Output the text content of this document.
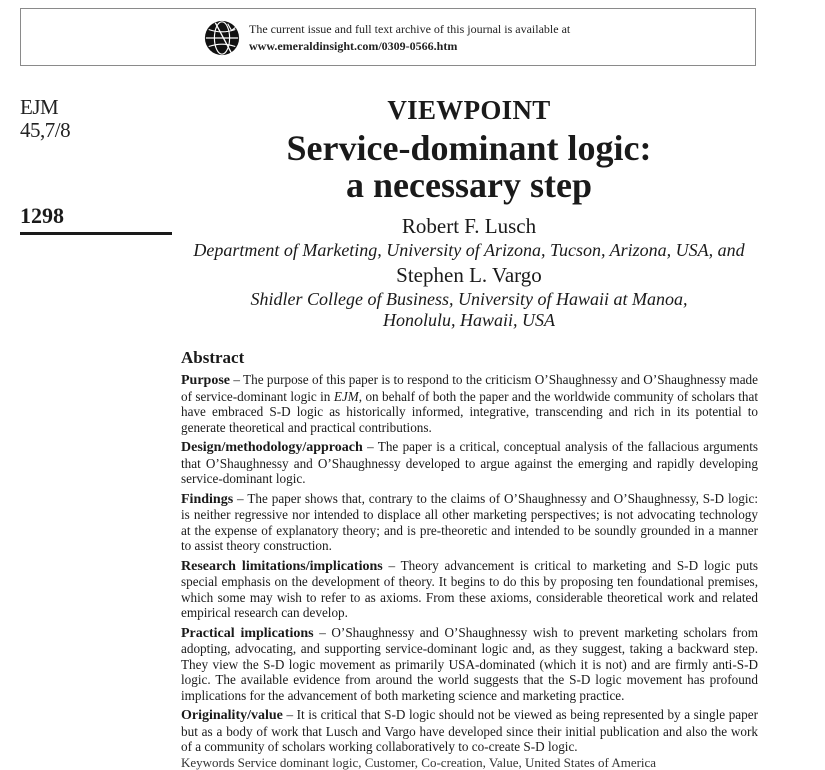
The current issue and full text archive of this journal is available at
www.emeraldinsight.com/0309-0566.htm
EJM
45,7/8
1298
VIEWPOINT
Service-dominant logic:
a necessary step
Robert F. Lusch
Department of Marketing, University of Arizona, Tucson, Arizona, USA, and
Stephen L. Vargo
Shidler College of Business, University of Hawaii at Manoa,
Honolulu, Hawaii, USA
Abstract
Purpose – The purpose of this paper is to respond to the criticism O’Shaughnessy and O’Shaughnessy made of service-dominant logic in EJM, on behalf of both the paper and the worldwide community of scholars that have embraced S-D logic as historically informed, integrative, transcending and rich in its potential to generate theoretical and practical contributions.
Design/methodology/approach – The paper is a critical, conceptual analysis of the fallacious arguments that O’Shaughnessy and O’Shaughnessy developed to argue against the emerging and rapidly developing service-dominant logic.
Findings – The paper shows that, contrary to the claims of O’Shaughnessy and O’Shaughnessy, S-D logic: is neither regressive nor intended to displace all other marketing perspectives; is not advocating technology at the expense of explanatory theory; and is pre-theoretic and intended to be soundly grounded in a manner to assist theory construction.
Research limitations/implications – Theory advancement is critical to marketing and S-D logic puts special emphasis on the development of theory. It begins to do this by proposing ten foundational premises, which some may wish to refer to as axioms. From these axioms, considerable theoretical work and related empirical research can develop.
Practical implications – O’Shaughnessy and O’Shaughnessy wish to prevent marketing scholars from adopting, advocating, and supporting service-dominant logic and, as they suggest, taking a backward step. They view the S-D logic movement as primarily USA-dominated (which it is not) and are firmly anti-S-D logic. The available evidence from around the world suggests that the S-D logic movement has profound implications for the advancement of both marketing science and marketing practice.
Originality/value – It is critical that S-D logic should not be viewed as being represented by a single paper but as a body of work that Lusch and Vargo have developed since their initial publication and also the work of a community of scholars working collaboratively to co-create S-D logic.
Keywords Service dominant logic, Customer, Co-creation, Value, United States of America
